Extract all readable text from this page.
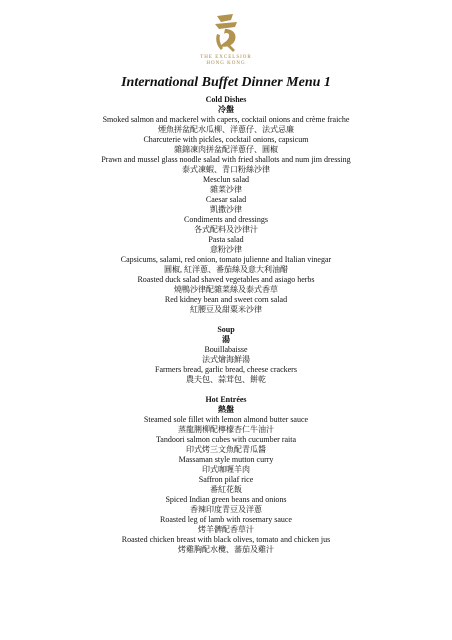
THE EXCELSIOR
HONG KONG
International Buffet Dinner Menu 1
Cold Dishes
冷盤
Smoked salmon and mackerel with capers, cocktail onions and crème fraiche
煙魚拼盆配水瓜柳、洋蔥仔、法式忌廉
Charcuterie with pickles, cocktail onions, capsicum
雜錦凍肉拼盆配洋蔥仔、圓椒
Prawn and mussel glass noodle salad with fried shallots and num jim dressing
泰式凍蝦、青口粉絲沙律
Mesclun salad
雜菜沙律
Caesar salad
凱撒沙律
Condiments and dressings
各式配料及沙律汁
Pasta salad
意粉沙律
Capsicums, salami, red onion, tomato julienne and Italian vinegar
圓椒, 紅洋蔥、番茄絲及意大利油醋
Roasted duck salad shaved vegetables and asiago herbs
燒鴨沙律配雜菜絲及泰式香草
Red kidney bean and sweet corn salad
紅腰豆及甜粟米沙律
Soup
湯
Bouillabaisse
法式燴海鮮湯
Farmers bread, garlic bread, cheese crackers
農夫包、蒜茸包、餅乾
Hot Entrées
熱盤
Steamed sole fillet with lemon almond butter sauce
蒸龍脷柳配檸檬杏仁牛油汁
Tandoori salmon cubes with cucumber raita
印式烤三文魚配青瓜醬
Massaman style mutton curry
印式咖喱羊肉
Saffron pilaf rice
番紅花飯
Spiced Indian green beans and onions
香辣印度青豆及洋蔥
Roasted leg of lamb with rosemary sauce
烤羊髀配香草汁
Roasted chicken breast with black olives, tomato and chicken jus
烤雞胸配水欖、蕃茄及雞汁
